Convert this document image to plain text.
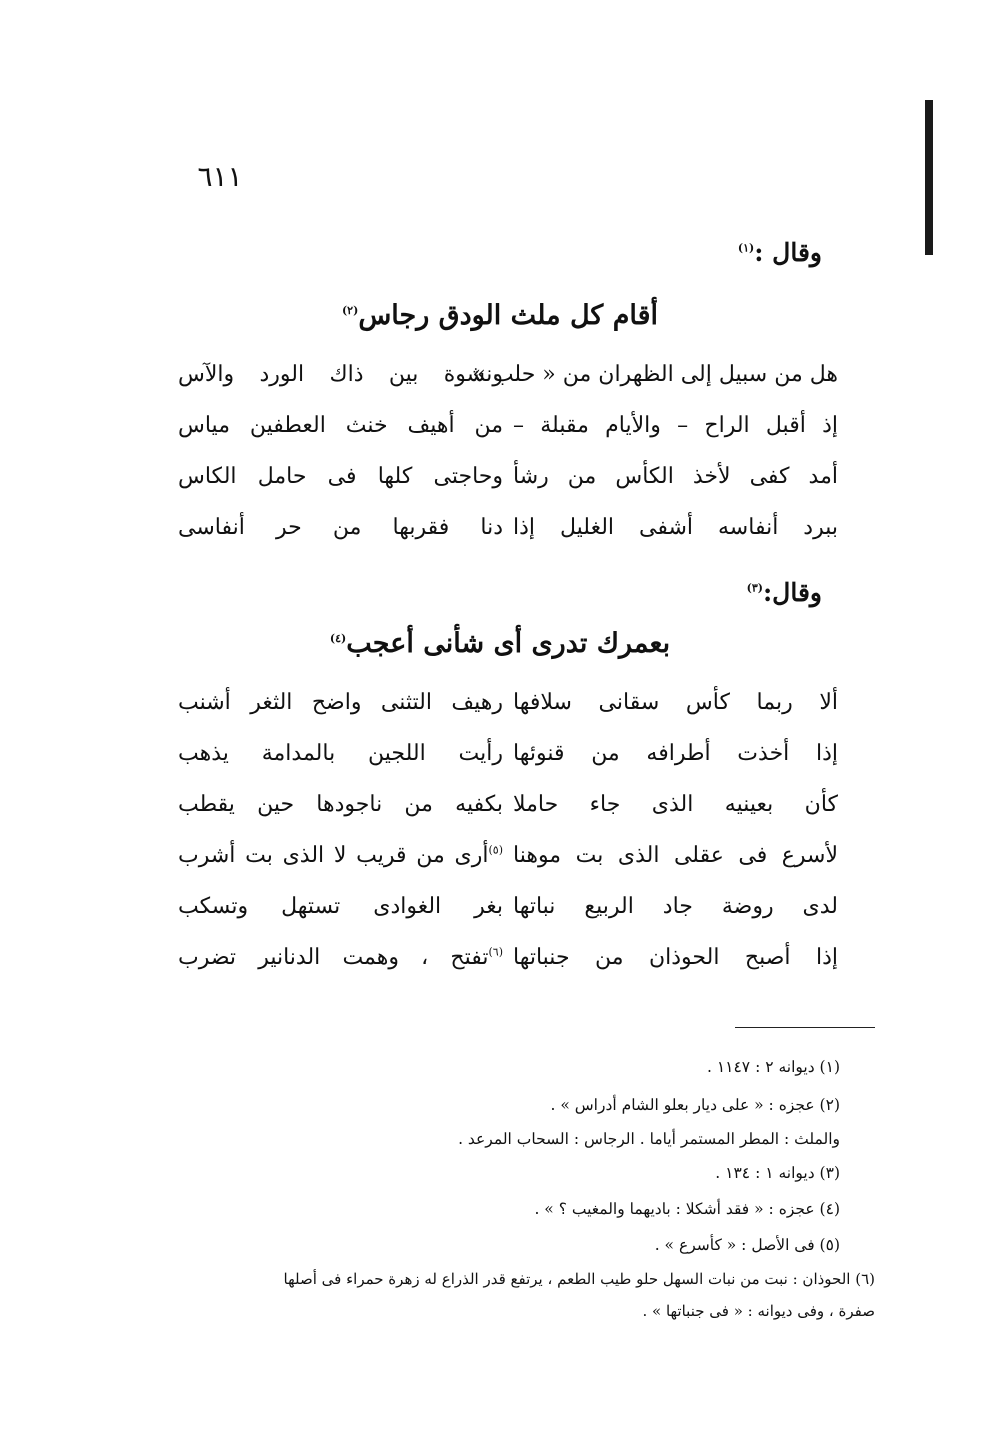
٦١١
وقال :$^{(١)}$
أقام كل ملث الودق رجاس$^{(٢)}$
هل من سبيل إلى الظهران من « حلب »
ونشوة بين ذاك الورد والآس
إذ أقبل الراح – والأيام مقبلة –
من أهيف خنث العطفين مياس
أمد كفى لأخذ الكأس من رشأ
وحاجتى كلها فى حامل الكاس
ببرد أنفاسه أشفى الغليل إذا
دنا فقربها من حر أنفاسى
وقال:$^{(٣)}$
بعمرك تدرى أى شأنى أعجب$^{(٤)}$
ألا ربما كأس سقانى سلافها
رهيف التثنى واضح الثغر أشنب
إذا أخذت أطرافه من قنوئها
رأيت اللجين بالمدامة يذهب
كأن بعينيه الذى جاء حاملا
بكفيه من ناجودها حين يقطب
لأسرع فى عقلى الذى بت موهنا
$^{(٥)}$أرى من قريب لا الذى بت أشرب
لدى روضة جاد الربيع نباتها
بغر الغوادى تستهل وتسكب
إذا أصبح الحوذان من جنباتها
$^{(٦)}$تفتح ، وهمت الدنانير تضرب
(١) ديوانه ٢ : ١١٤٧ .
(٢) عجزه : « على ديار بعلو الشام أدراس » .
والملث : المطر المستمر أياما . الرجاس : السحاب المرعد .
(٣) ديوانه ١ : ١٣٤ .
(٤) عجزه : « فقد أشكلا : باديهما والمغيب ؟ » .
(٥) فى الأصل : « كأسرع » .
(٦) الحوذان : نبت من نبات السهل حلو طيب الطعم ، يرتفع قدر الذراع له زهرة حمراء فى أصلها
صفرة ، وفى ديوانه : « فى جنباتها » .
